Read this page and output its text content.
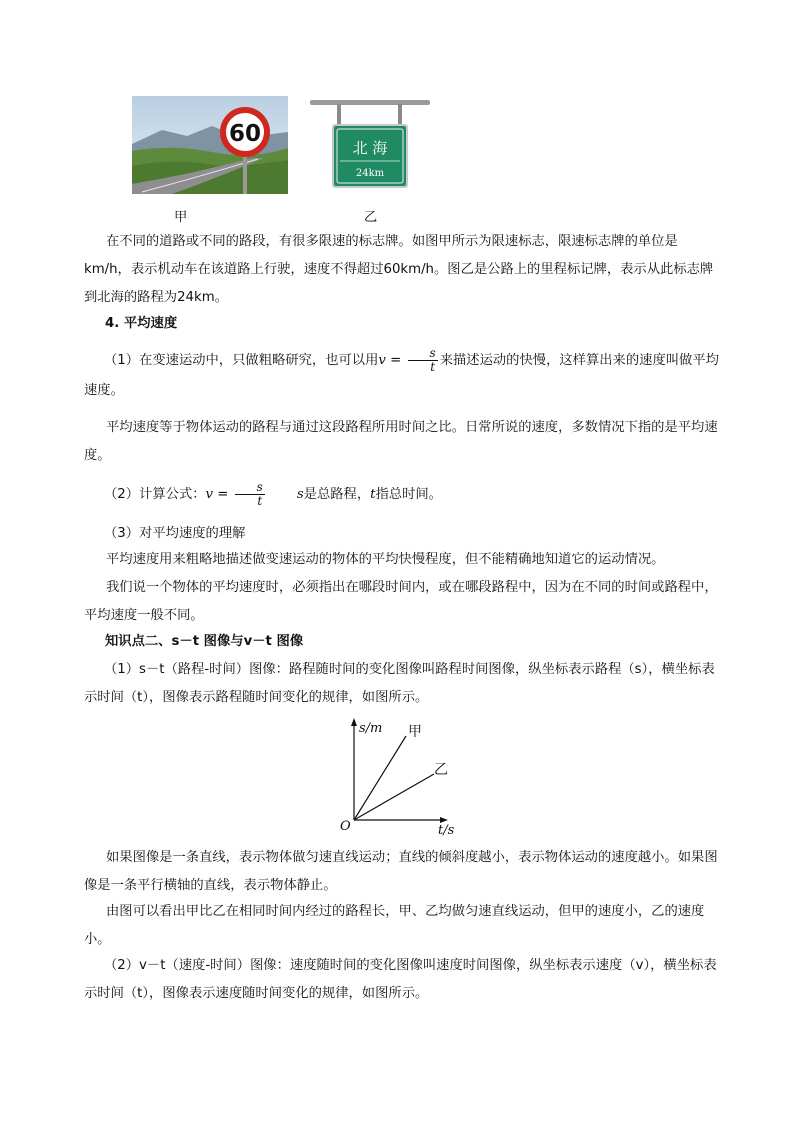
60
甲
北 海
24km
乙

在不同的道路或不同的路段，有很多限速的标志牌。如图甲所示为限速标志，限速标志牌的单位是km/h，表示机动车在该道路上行驶，速度不得超过60km/h。图乙是公路上的里程标记牌，表示从此标志牌到北海的路程为24km。

4. 平均速度

（1）在变速运动中，只做粗略研究，也可以用$v = \frac{s}{t}$ 来描述运动的快慢，这样算出来的速度叫做平均速度。

平均速度等于物体运动的路程与通过这段路程所用时间之比。日常所说的速度，多数情况下指的是平均速度。

（2）计算公式：$v = \frac{s}{t}$ s是总路程，t指总时间。

（3）对平均速度的理解

平均速度用来粗略地描述做变速运动的物体的平均快慢程度，但不能精确地知道它的运动情况。

我们说一个物体的平均速度时，必须指出在哪段时间内，或在哪段路程中，因为在不同的时间或路程中，平均速度一般不同。

知识点二、s－t 图像与v－t 图像

（1）s－t（路程-时间）图像：路程随时间的变化图像叫路程时间图像，纵坐标表示路程（s），横坐标表示时间（t），图像表示路程随时间变化的规律，如图所示。

s/m 甲
乙
O	t/s

如果图像是一条直线，表示物体做匀速直线运动；直线的倾斜度越小，表示物体运动的速度越小。如果图像是一条平行横轴的直线，表示物体静止。

由图可以看出甲比乙在相同时间内经过的路程长，甲、乙均做匀速直线运动，但甲的速度小，乙的速度小。

（2）v－t（速度-时间）图像：速度随时间的变化图像叫速度时间图像，纵坐标表示速度（v），横坐标表示时间（t），图像表示速度随时间变化的规律，如图所示。
